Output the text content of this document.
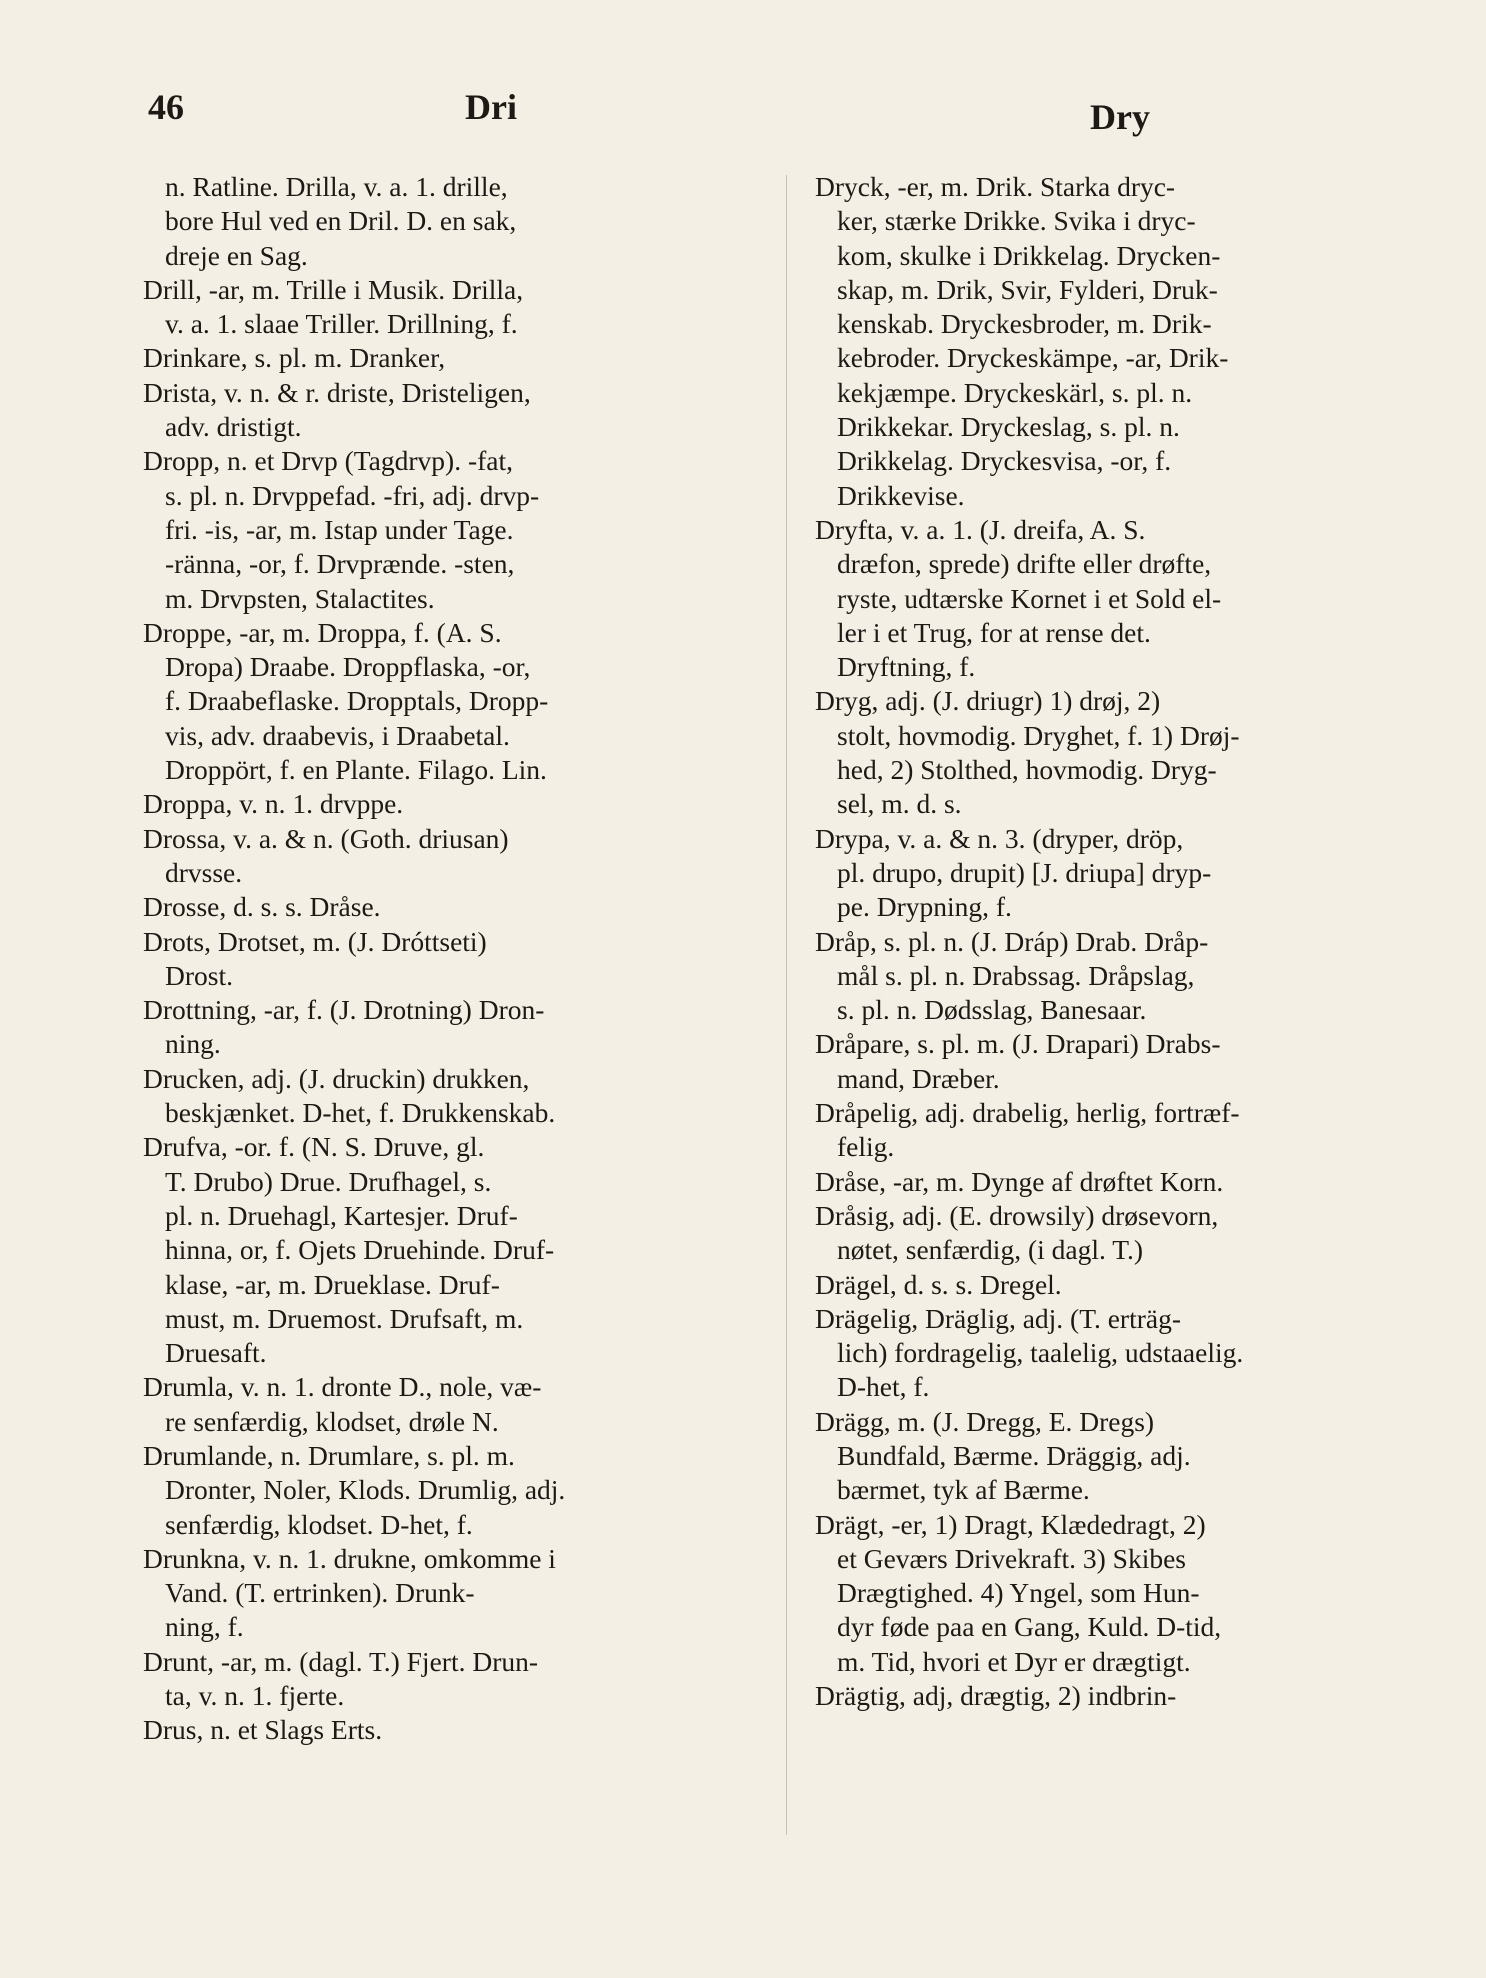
46	Dri	Dry
n. Ratline. Drilla, v. a. 1. drille,
bore Hul ved en Dril. D. en sak,
dreje en Sag.
Drill, -ar, m. Trille i Musik. Drilla,
v. a. 1. slaae Triller. Drillning, f.
Drinkare, s. pl. m. Dranker,
Drista, v. n. & r. driste, Dristeligen,
adv. dristigt.
Dropp, n. et Drvp (Tagdrvp). -fat,
s. pl. n. Drvppefad. -fri, adj. drvp-
fri. -is, -ar, m. Istap under Tage.
-ränna, -or, f. Drvprænde. -sten,
m. Drvpsten, Stalactites.
Droppe, -ar, m. Droppa, f. (A. S.
Dropa) Draabe. Droppflaska, -or,
f. Draabeflaske. Dropptals, Dropp-
vis, adv. draabevis, i Draabetal.
Droppört, f. en Plante. Filago. Lin.
Droppa, v. n. 1. drvppe.
Drossa, v. a. & n. (Goth. driusan)
drvsse.
Drosse, d. s. s. Dråse.
Drots, Drotset, m. (J. Dróttseti)
Drost.
Drottning, -ar, f. (J. Drotning) Dron-
ning.
Drucken, adj. (J. druckin) drukken,
beskjænket. D-het, f. Drukkenskab.
Drufva, -or. f. (N. S. Druve, gl.
T. Drubo) Drue. Drufhagel, s.
pl. n. Druehagl, Kartesjer. Druf-
hinna, or, f. Ojets Druehinde. Druf-
klase, -ar, m. Drueklase. Druf-
must, m. Druemost. Drufsaft, m.
Druesaft.
Drumla, v. n. 1. dronte D., nole, væ-
re senfærdig, klodset, drøle N.
Drumlande, n. Drumlare, s. pl. m.
Dronter, Noler, Klods. Drumlig, adj.
senfærdig, klodset. D-het, f.
Drunkna, v. n. 1. drukne, omkomme i
Vand. (T. ertrinken). Drunk-
ning, f.
Drunt, -ar, m. (dagl. T.) Fjert. Drun-
ta, v. n. 1. fjerte.
Drus, n. et Slags Erts.
Dryck, -er, m. Drik. Starka dryc-
ker, stærke Drikke. Svika i dryc-
kom, skulke i Drikkelag. Drycken-
skap, m. Drik, Svir, Fylderi, Druk-
kenskab. Dryckesbroder, m. Drik-
kebroder. Dryckeskämpe, -ar, Drik-
kekjæmpe. Dryckeskärl, s. pl. n.
Drikkekar. Dryckeslag, s. pl. n.
Drikkelag. Dryckesvisa, -or, f.
Drikkevise.
Dryfta, v. a. 1. (J. dreifa, A. S.
dræfon, sprede) drifte eller drøfte,
ryste, udtærske Kornet i et Sold el-
ler i et Trug, for at rense det.
Dryftning, f.
Dryg, adj. (J. driugr) 1) drøj, 2)
stolt, hovmodig. Dryghet, f. 1) Drøj-
hed, 2) Stolthed, hovmodig. Dryg-
sel, m. d. s.
Drypa, v. a. & n. 3. (dryper, dröp,
pl. drupo, drupit) [J. driupa] dryp-
pe. Drypning, f.
Dråp, s. pl. n. (J. Dráp) Drab. Dråp-
mål s. pl. n. Drabssag. Dråpslag,
s. pl. n. Dødsslag, Banesaar.
Dråpare, s. pl. m. (J. Drapari) Drabs-
mand, Dræber.
Dråpelig, adj. drabelig, herlig, fortræf-
felig.
Dråse, -ar, m. Dynge af drøftet Korn.
Dråsig, adj. (E. drowsily) drøsevorn,
nøtet, senfærdig, (i dagl. T.)
Drägel, d. s. s. Dregel.
Drägelig, Dräglig, adj. (T. erträg-
lich) fordragelig, taalelig, udstaaelig.
D-het, f.
Drägg, m. (J. Dregg, E. Dregs)
Bundfald, Bærme. Dräggig, adj.
bærmet, tyk af Bærme.
Drägt, -er, 1) Dragt, Klædedragt, 2)
et Geværs Drivekraft. 3) Skibes
Drægtighed. 4) Yngel, som Hun-
dyr føde paa en Gang, Kuld. D-tid,
m. Tid, hvori et Dyr er drægtigt.
Drägtig, adj, drægtig, 2) indbrin-
